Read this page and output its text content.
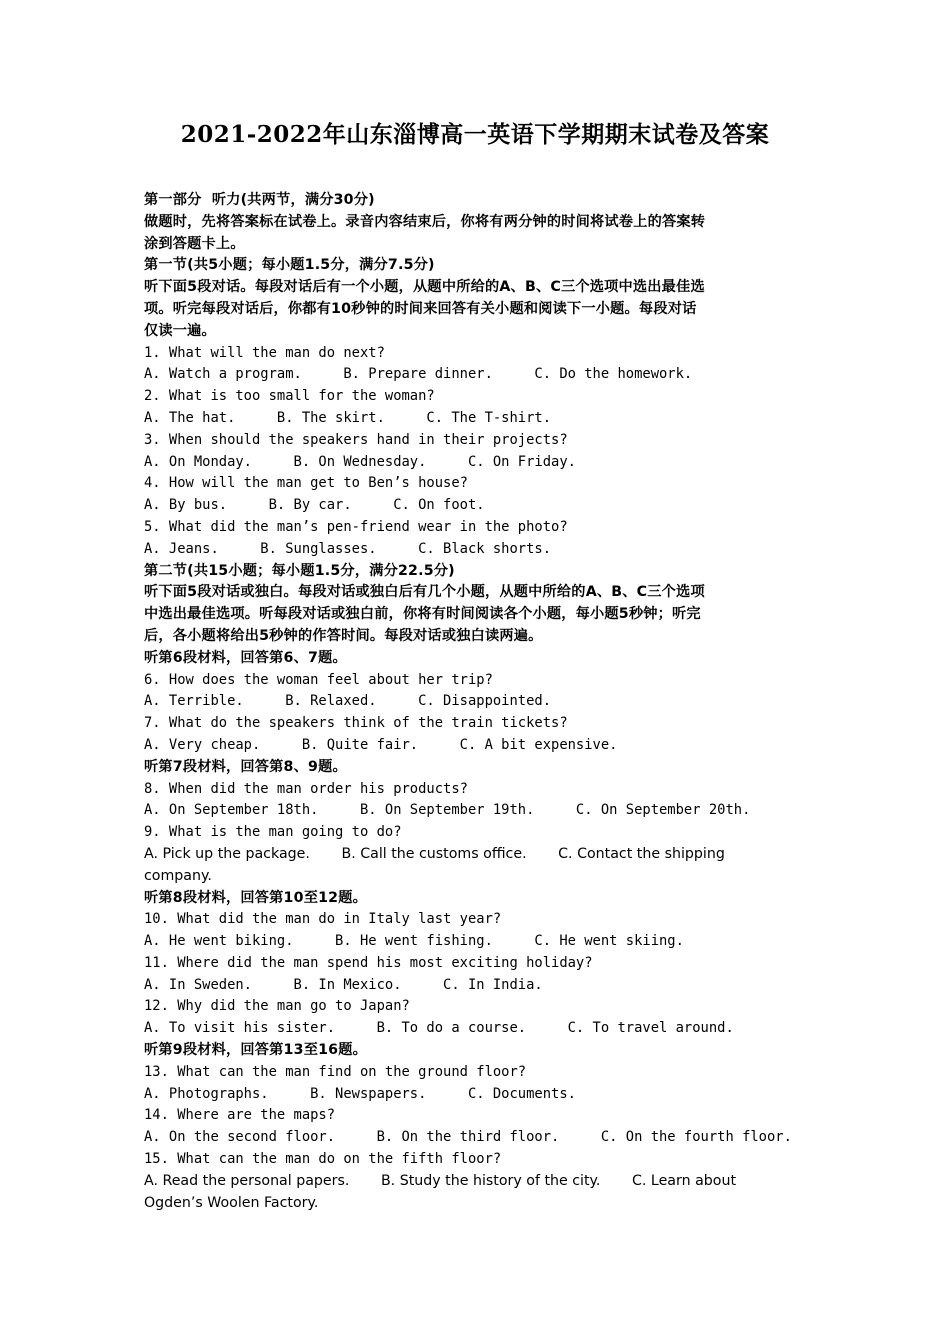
2021-2022年山东淄博高一英语下学期期末试卷及答案
第一部分  听力(共两节，满分30分)
做题时，先将答案标在试卷上。录音内容结束后，你将有两分钟的时间将试卷上的答案转
涂到答题卡上。
第一节(共5小题；每小题1.5分，满分7.5分)
听下面5段对话。每段对话后有一个小题，从题中所给的A、B、C三个选项中选出最佳选
项。听完每段对话后，你都有10秒钟的时间来回答有关小题和阅读下一小题。每段对话
仅读一遍。
1. What will the man do next?
A. Watch a program.     B. Prepare dinner.     C. Do the homework.
2. What is too small for the woman?
A. The hat.     B. The skirt.     C. The T-shirt.
3. When should the speakers hand in their projects?
A. On Monday.     B. On Wednesday.     C. On Friday.
4. How will the man get to Ben’s house?
A. By bus.     B. By car.     C. On foot.
5. What did the man’s pen-friend wear in the photo?
A. Jeans.     B. Sunglasses.     C. Black shorts.
第二节(共15小题；每小题1.5分，满分22.5分)
听下面5段对话或独白。每段对话或独白后有几个小题，从题中所给的A、B、C三个选项
中选出最佳选项。听每段对话或独白前，你将有时间阅读各个小题，每小题5秒钟；听完
后，各小题将给出5秒钟的作答时间。每段对话或独白读两遍。
听第6段材料，回答第6、7题。
6. How does the woman feel about her trip?
A. Terrible.     B. Relaxed.     C. Disappointed.
7. What do the speakers think of the train tickets?
A. Very cheap.     B. Quite fair.     C. A bit expensive.
听第7段材料，回答第8、9题。
8. When did the man order his products?
A. On September 18th.     B. On September 19th.     C. On September 20th.
9. What is the man going to do?
A. Pick up the package.       B. Call the customs office.       C. Contact the shipping
company.
听第8段材料，回答第10至12题。
10. What did the man do in Italy last year?
A. He went biking.     B. He went fishing.     C. He went skiing.
11. Where did the man spend his most exciting holiday?
A. In Sweden.     B. In Mexico.     C. In India.
12. Why did the man go to Japan?
A. To visit his sister.     B. To do a course.     C. To travel around.
听第9段材料，回答第13至16题。
13. What can the man find on the ground floor?
A. Photographs.     B. Newspapers.     C. Documents.
14. Where are the maps?
A. On the second floor.     B. On the third floor.     C. On the fourth floor.
15. What can the man do on the fifth floor?
A. Read the personal papers.       B. Study the history of the city.       C. Learn about
Ogden’s Woolen Factory.
